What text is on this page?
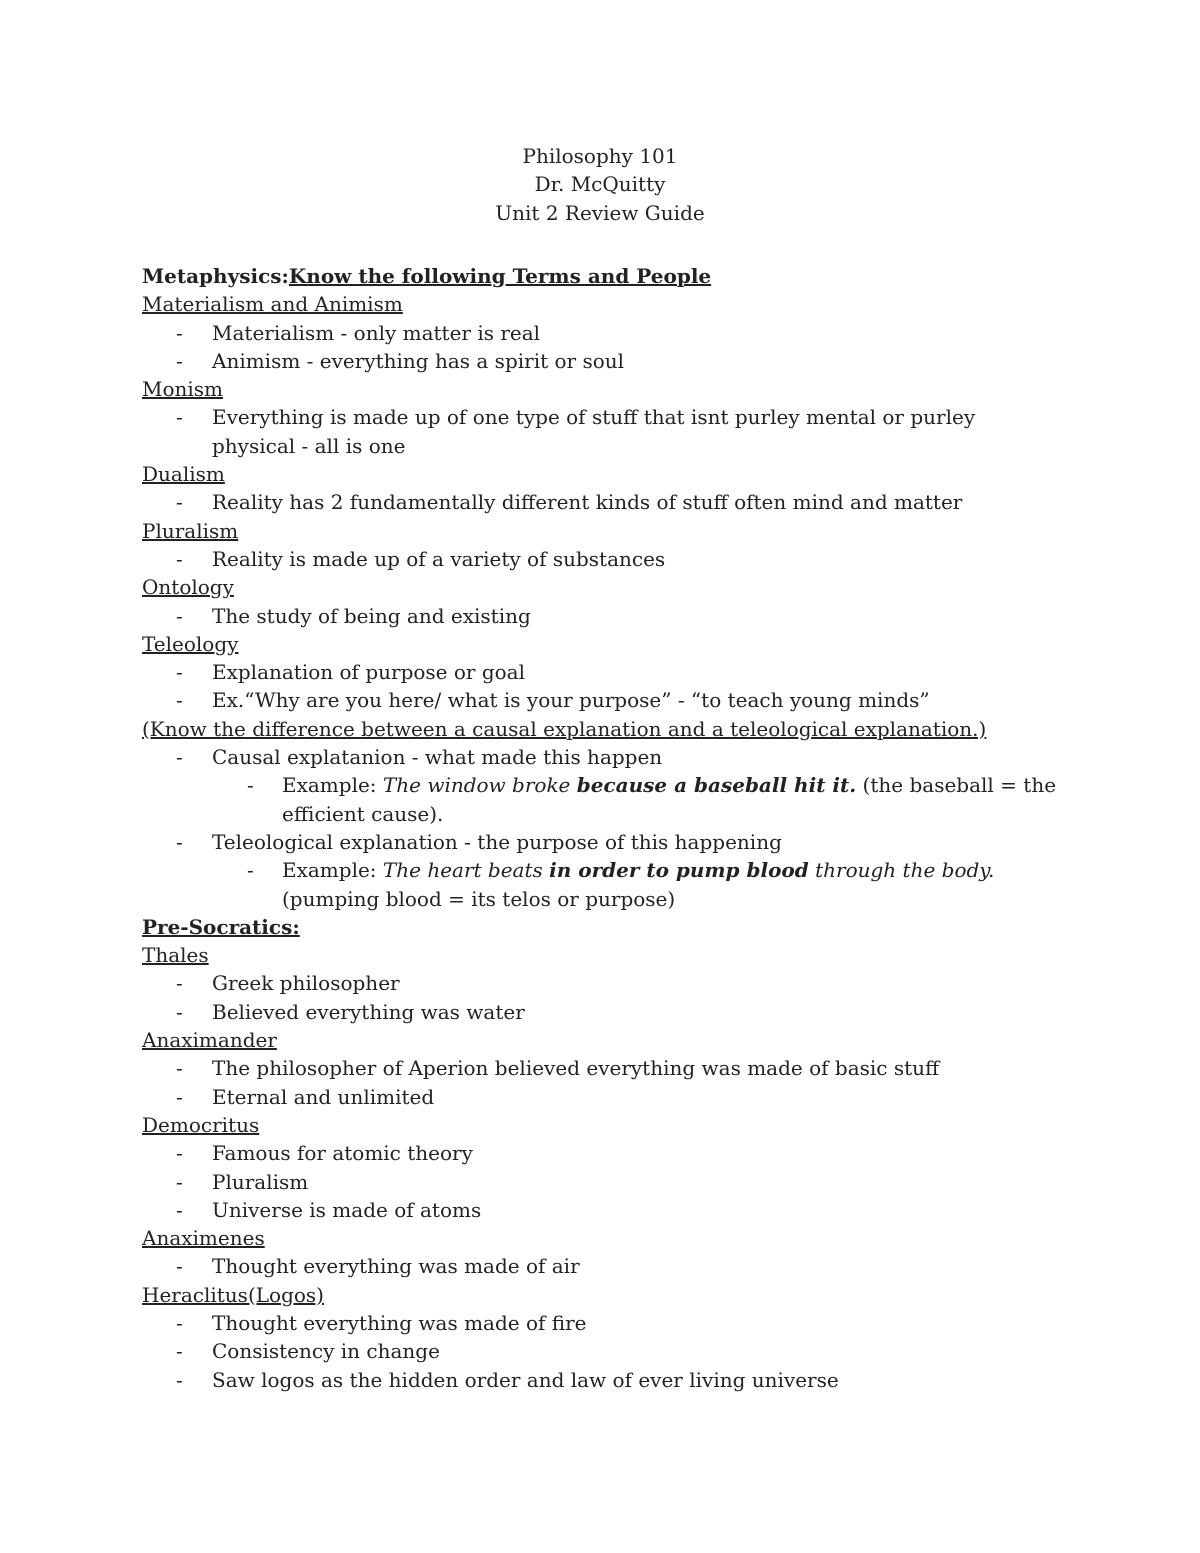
Philosophy 101
Dr. McQuitty
Unit 2 Review Guide
Metaphysics:Know the following Terms and People
Materialism and Animism
-	Materialism - only matter is real
-	Animism - everything has a spirit or soul
Monism
-	Everything is made up of one type of stuff that isnt purley mental or purley physical - all is one
Dualism
-	Reality has 2 fundamentally different kinds of stuff often mind and matter
Pluralism
-	Reality is made up of a variety of substances
Ontology
-	The study of being and existing
Teleology
-	Explanation of purpose or goal
-	Ex.“Why are you here/ what is your purpose” - “to teach young minds”
(Know the difference between a causal explanation and a teleological explanation.)
-	Causal explatanion - what made this happen
-	Example: The window broke because a baseball hit it. (the baseball = the efficient cause).
-	Teleological explanation - the purpose of this happening
-	Example: The heart beats in order to pump blood through the body. (pumping blood = its telos or purpose)
Pre-Socratics:
Thales
-	Greek philosopher
-	Believed everything was water
Anaximander
-	The philosopher of Aperion believed everything was made of basic stuff
-	Eternal and unlimited
Democritus
-	Famous for atomic theory
-	Pluralism
-	Universe is made of atoms
Anaximenes
-	Thought everything was made of air
Heraclitus(Logos)
-	Thought everything was made of fire
-	Consistency in change
-	Saw logos as the hidden order and law of ever living universe
